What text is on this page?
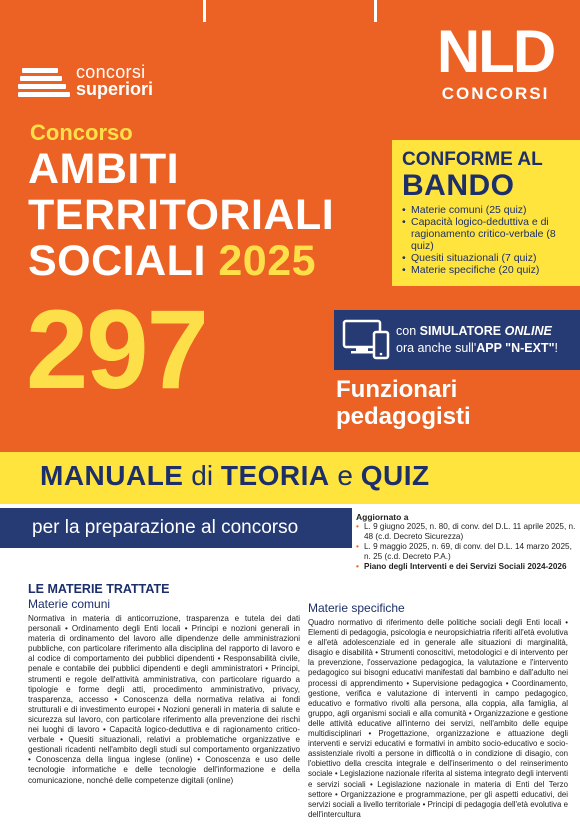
concorsi
superiori
NLD
CONCORSI
Concorso
AMBITI
TERRITORIALI
SOCIALI 2025
CONFORME AL
BANDO
• Materie comuni (25 quiz)
• Capacità logico-deduttiva e di ragionamento critico-verbale (8 quiz)
• Quesiti situazionali (7 quiz)
• Materie specifiche (20 quiz)
297	con SIMULATORE ONLINE
ora anche sull'APP "N-EXT"!
Funzionari
pedagogisti
MANUALE di TEORIA e QUIZ
per la preparazione al concorso	Aggiornato a
• L. 9 giugno 2025, n. 80, di conv. del D.L. 11 aprile 2025, n. 48 (c.d. Decreto Sicurezza)
• L. 9 maggio 2025, n. 69, di conv. del D.L. 14 marzo 2025, n. 25 (c.d. Decreto P.A.)
• Piano degli Interventi e dei Servizi Sociali 2024-2026
LE MATERIE TRATTATE
Materie comuni

Normativa in materia di anticorruzione, trasparenza e tutela dei dati personali • Ordinamento degli Enti locali • Principi e nozioni generali in materia di ordinamento del lavoro alle dipendenze delle amministrazioni pubbliche, con particolare riferimento alla disciplina del rapporto di lavoro e al codice di comportamento dei pubblici dipendenti • Responsabilità civile, penale e contabile dei pubblici dipendenti e degli amministratori • Principi, strumenti e regole dell'attività amministrativa, con particolare riguardo a tipologie e forme degli atti, procedimento amministrativo, privacy, trasparenza, accesso • Conoscenza della normativa relativa ai fondi strutturali e di investimento europei • Nozioni generali in materia di salute e sicurezza sul lavoro, con particolare riferimento alla prevenzione dei rischi nei luoghi di lavoro • Capacità logico-deduttiva e di ragionamento critico-verbale • Quesiti situazionali, relativi a problematiche organizzative e gestionali ricadenti nell'ambito degli studi sul comportamento organizzativo • Conoscenza della lingua inglese (online) • Conoscenza e uso delle tecnologie informatiche e delle tecnologie dell'informazione e della comunicazione, nonché delle competenze digitali (online)

Materie specifiche

Quadro normativo di riferimento delle politiche sociali degli Enti locali • Elementi di pedagogia, psicologia e neuropsichiatria riferiti all'età evolutiva e all'età adolescenziale ed in generale alle situazioni di marginalità, disagio e disabilità • Strumenti conoscitivi, metodologici e di intervento per la prevenzione, l'osservazione pedagogica, la valutazione e l'intervento pedagogico sui bisogni educativi manifestati dal bambino e dall'adulto nei processi di apprendimento • Supervisione pedagogica • Coordinamento, gestione, verifica e valutazione di interventi in campo pedagogico, educativo e formativo rivolti alla persona, alla coppia, alla famiglia, al gruppo, agli organismi sociali e alla comunità • Organizzazione e gestione delle attività educative all'interno dei servizi, nell'ambito delle equipe multidisciplinari • Progettazione, organizzazione e attuazione degli interventi e servizi educativi e formativi in ambito socio-educativo e socio-assistenziale rivolti a persone in difficoltà o in condizione di disagio, con l'obiettivo della crescita integrale e dell'inserimento o del reinserimento sociale • Legislazione nazionale riferita al sistema integrato degli interventi e servizi sociali • Legislazione nazionale in materia di Enti del Terzo settore • Organizzazione e programmazione, per gli aspetti educativi, dei servizi sociali a livello territoriale • Principi di pedagogia dell'età evolutiva e dell'intercultura
